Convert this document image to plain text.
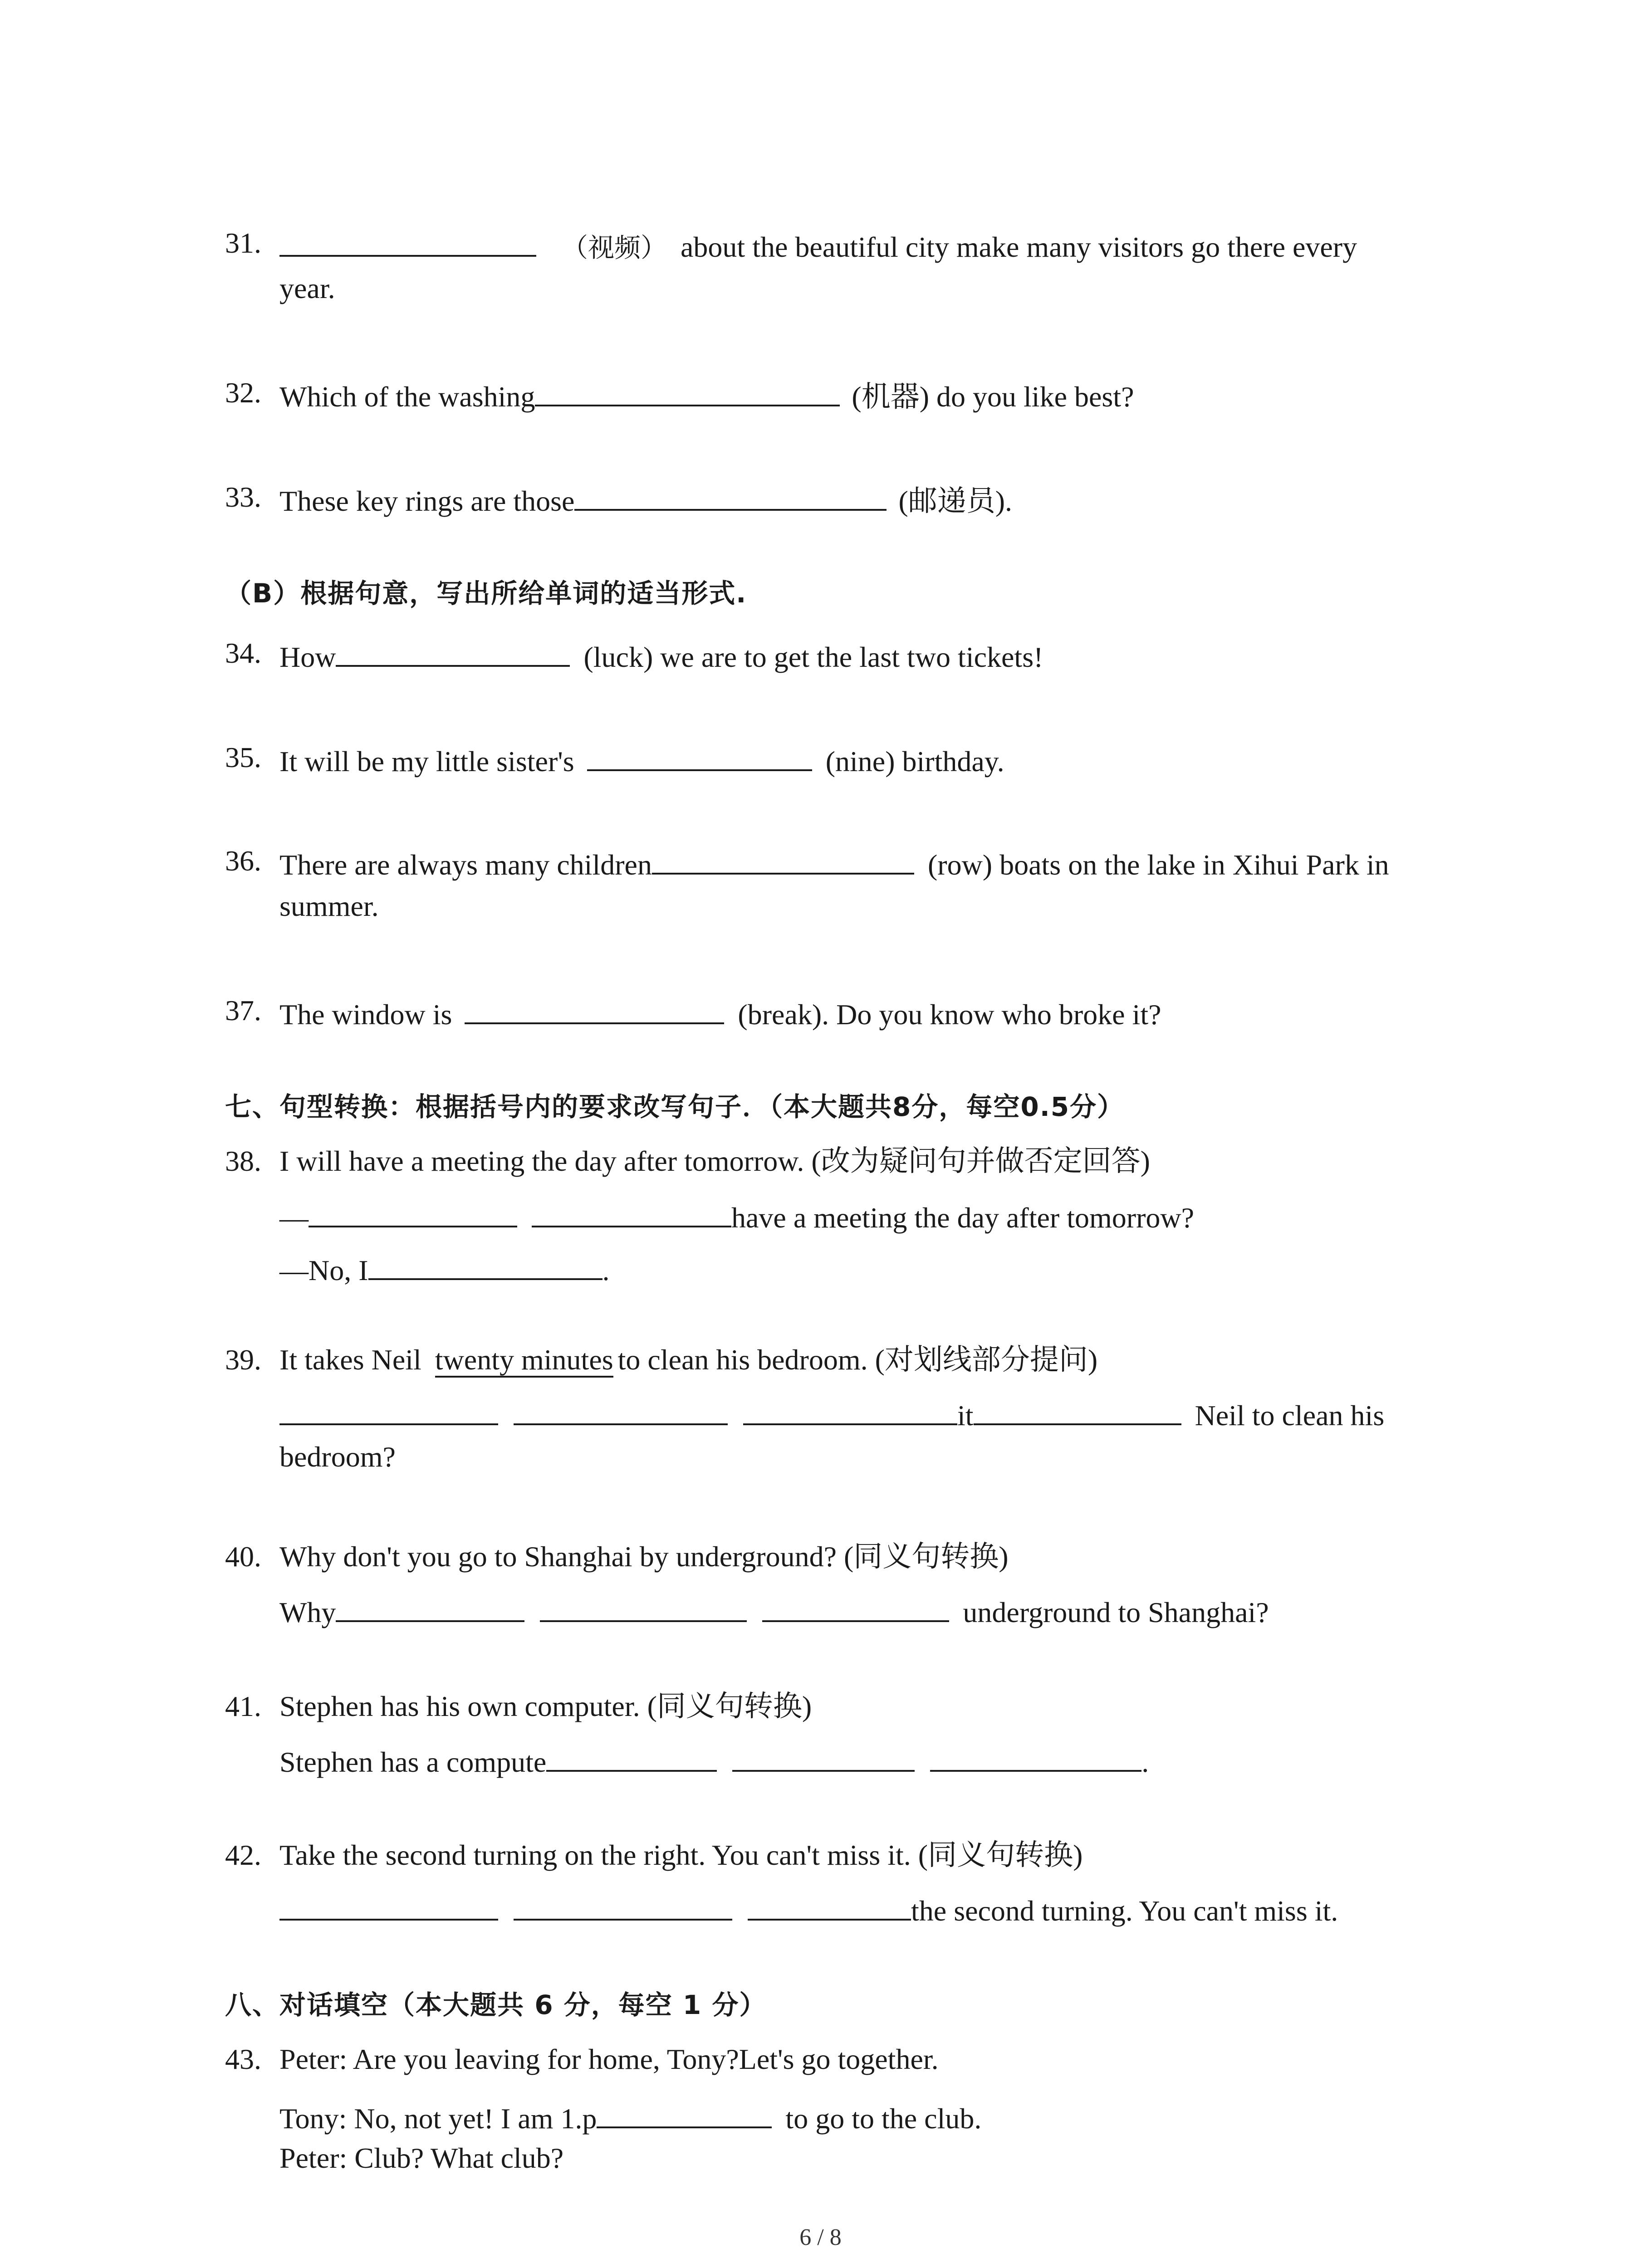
31.	（视频） about the beautiful city make many visitors go there every
year.
32. Which of the washing	(机器) do you like best?
33. These key rings are those	(邮递员).
（B）根据句意，写出所给单词的适当形式.
34. How	(luck) we are to get the last two tickets!
35. It will be my little sister's	(nine) birthday.
36. There are always many children	(row) boats on the lake in Xihui Park in
summer.
37. The window is	(break). Do you know who broke it?
七、句型转换：根据括号内的要求改写句子．（本大题共8分，每空0.5分）
38. I will have a meeting the day after tomorrow. (改为疑问句并做否定回答)
—	have a meeting the day after tomorrow?
—No, I	.
39. It takes Neil twenty minutes to clean his bedroom. (对划线部分提问)
it	Neil to clean his
bedroom?
40. Why don't you go to Shanghai by underground? (同义句转换)
Why	underground to Shanghai?
41. Stephen has his own computer. (同义句转换)
Stephen has a compute	.
42. Take the second turning on the right. You can't miss it. (同义句转换)
the second turning. You can't miss it.
八、对话填空（本大题共 6 分，每空 1 分）
43. Peter: Are you leaving for home, Tony?Let's go together.
Tony: No, not yet! I am 1.p	to go to the club.
Peter: Club? What club?
6 / 8
